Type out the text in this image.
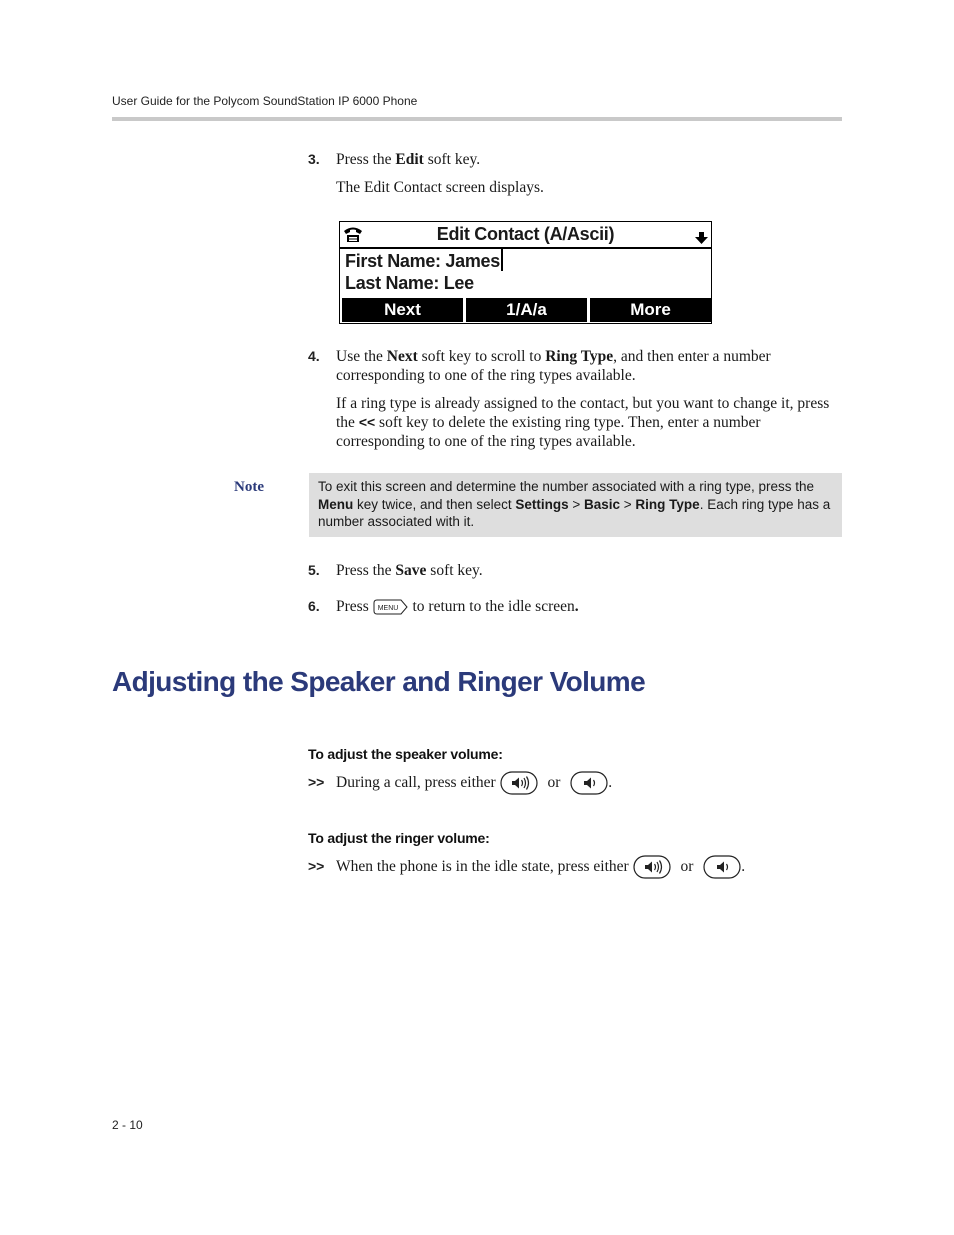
User Guide for the Polycom SoundStation IP 6000 Phone
3. Press the Edit soft key.
The Edit Contact screen displays.
Edit Contact (A/Ascii)
First Name: James
Last Name: Lee
Next	1/A/a	More
4. Use the Next soft key to scroll to Ring Type, and then enter a number corresponding to one of the ring types available.
If a ring type is already assigned to the contact, but you want to change it, press the << soft key to delete the existing ring type. Then, enter a number corresponding to one of the ring types available.
Note	To exit this screen and determine the number associated with a ring type, press the Menu key twice, and then select Settings > Basic > Ring Type. Each ring type has a number associated with it.
5. Press the Save soft key.
6. Press MENU to return to the idle screen.
Adjusting the Speaker and Ringer Volume
To adjust the speaker volume:
>> During a call, press either	or	.
To adjust the ringer volume:
>> When the phone is in the idle state, press either	or	.
2 - 10
